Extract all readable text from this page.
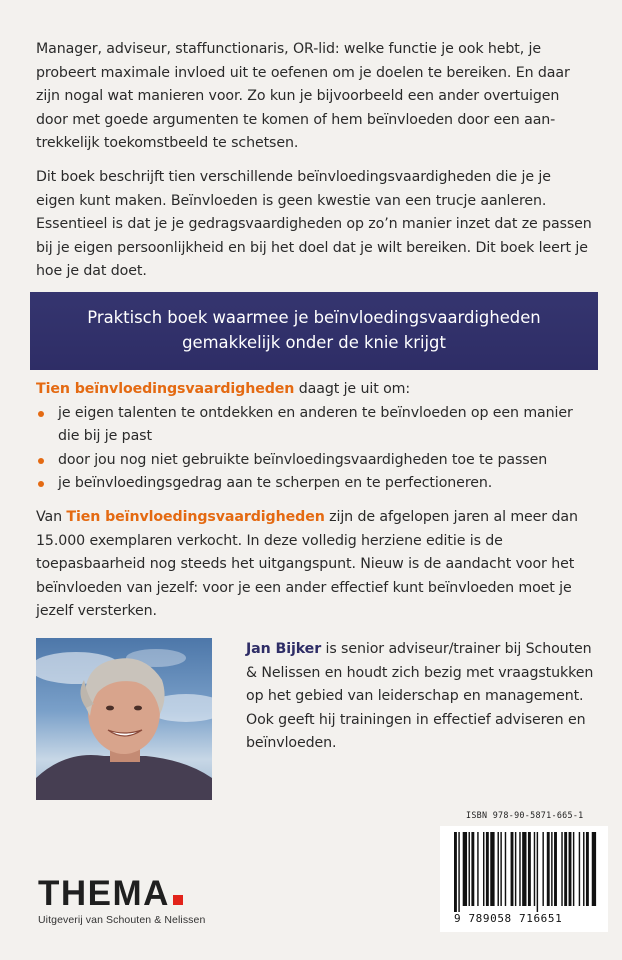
Manager, adviseur, staffunctionaris, OR-lid: welke functie je ook hebt, je probeert maximale invloed uit te oefenen om je doelen te bereiken. En daar zijn nogal wat manieren voor. Zo kun je bijvoorbeeld een ander overtuigen door met goede argumenten te komen of hem beïnvloeden door een aan-trekkelijk toekomstbeeld te schetsen.

Dit boek beschrijft tien verschillende beïnvloedingsvaardigheden die je je eigen kunt maken. Beïnvloeden is geen kwestie van een trucje aanleren. Essentieel is dat je je gedragsvaardigheden op zo’n manier inzet dat ze passen bij je eigen persoonlijkheid en bij het doel dat je wilt bereiken. Dit boek leert je hoe je dat doet.

Praktisch boek waarmee je beïnvloedingsvaardigheden
gemakkelijk onder de knie krijgt
Tien beïnvloedingsvaardigheden daagt je uit om:
je eigen talenten te ontdekken en anderen te beïnvloeden op een manier die bij je past
door jou nog niet gebruikte beïnvloedingsvaardigheden toe te passen
je beïnvloedingsgedrag aan te scherpen en te perfectioneren.

Van Tien beïnvloedingsvaardigheden zijn de afgelopen jaren al meer dan 15.000 exemplaren verkocht. In deze volledig herziene editie is de toepasbaarheid nog steeds het uitgangspunt. Nieuw is de aandacht voor het beïnvloeden van jezelf: voor je een ander effectief kunt beïnvloeden moet je jezelf versterken.

Jan Bijker is senior adviseur/trainer bij Schouten & Nelissen en houdt zich bezig met vraagstukken op het gebied van leiderschap en management. Ook geeft hij trainingen in effectief adviseren en beïnvloeden.

THEMA
Uitgeverij van Schouten & Nelissen
ISBN 978-90-5871-665-1
9 789058 716651
